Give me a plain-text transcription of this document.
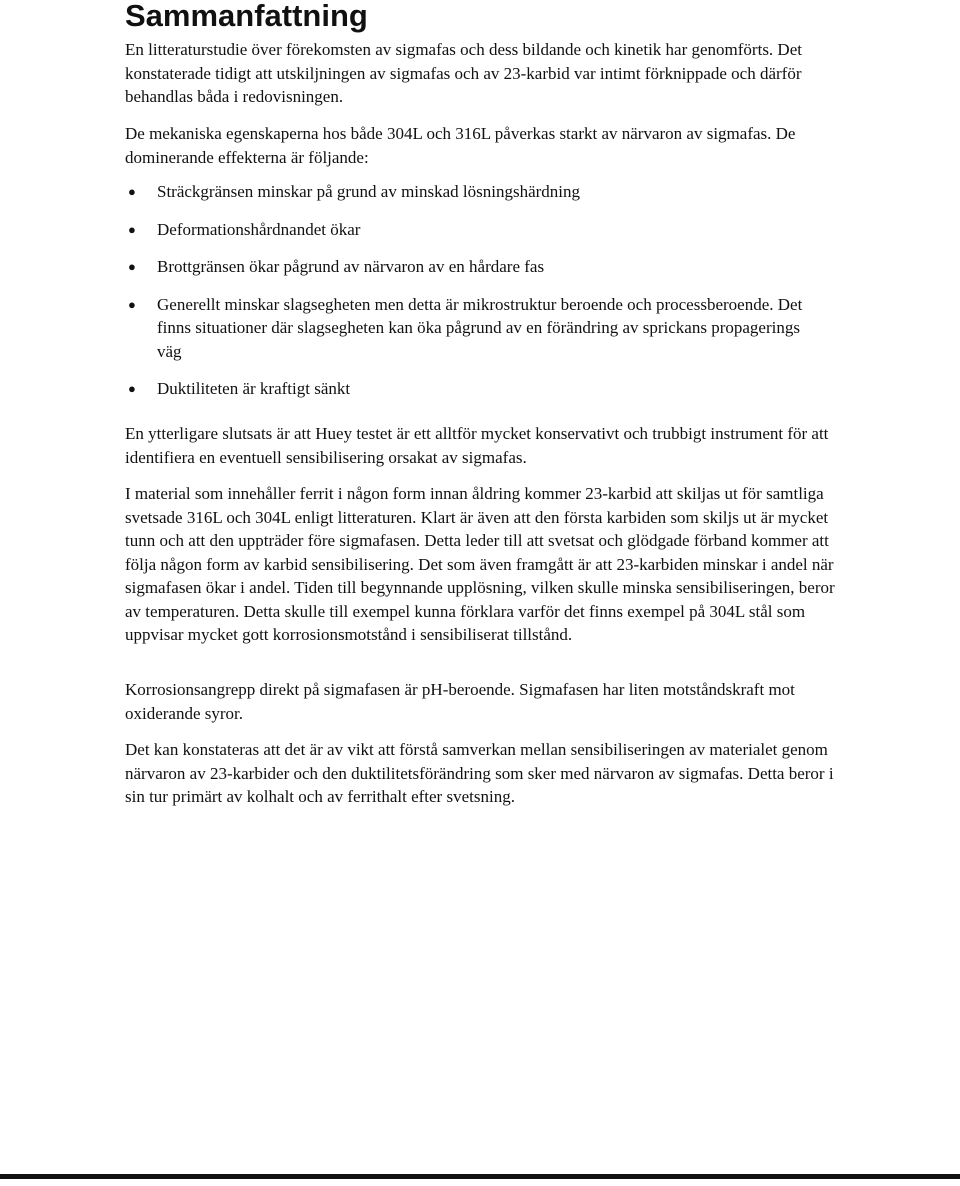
Sammanfattning

En litteraturstudie över förekomsten av sigmafas och dess bildande och kinetik har genomförts. Det konstaterade tidigt att utskiljningen av sigmafas och av 23-karbid var intimt förknippade och därför behandlas båda i redovisningen.

De mekaniska egenskaperna hos både 304L och 316L påverkas starkt av närvaron av sigmafas. De dominerande effekterna är följande:

● Sträckgränsen minskar på grund av minskad lösningshärdning
● Deformationshårdnandet ökar
● Brottgränsen ökar pågrund av närvaron av en hårdare fas
● Generellt minskar slagsegheten men detta är mikrostruktur beroende och processberoende. Det finns situationer där slagsegheten kan öka pågrund av en förändring av sprickans propagerings väg
● Duktiliteten är kraftigt sänkt

En ytterligare slutsats är att Huey testet är ett alltför mycket konservativt och trubbigt instrument för att identifiera en eventuell sensibilisering orsakat av sigmafas.

I material som innehåller ferrit i någon form innan åldring kommer 23-karbid att skiljas ut för samtliga svetsade 316L och 304L enligt litteraturen. Klart är även att den första karbiden som skiljs ut är mycket tunn och att den uppträder före sigmafasen. Detta leder till att svetsat och glödgade förband kommer att följa någon form av karbid sensibilisering. Det som även framgått är att 23-karbiden minskar i andel när sigmafasen ökar i andel. Tiden till begynnande upplösning, vilken skulle minska sensibiliseringen, beror av temperaturen. Detta skulle till exempel kunna förklara varför det finns exempel på 304L stål som uppvisar mycket gott korrosionsmotstånd i sensibiliserat tillstånd.

Korrosionsangrepp direkt på sigmafasen är pH-beroende. Sigmafasen har liten motståndskraft mot oxiderande syror.

Det kan konstateras att det är av vikt att förstå samverkan mellan sensibiliseringen av materialet genom närvaron av 23-karbider och den duktilitetsförändring som sker med närvaron av sigmafas. Detta beror i sin tur primärt av kolhalt och av ferrithalt efter svetsning.
